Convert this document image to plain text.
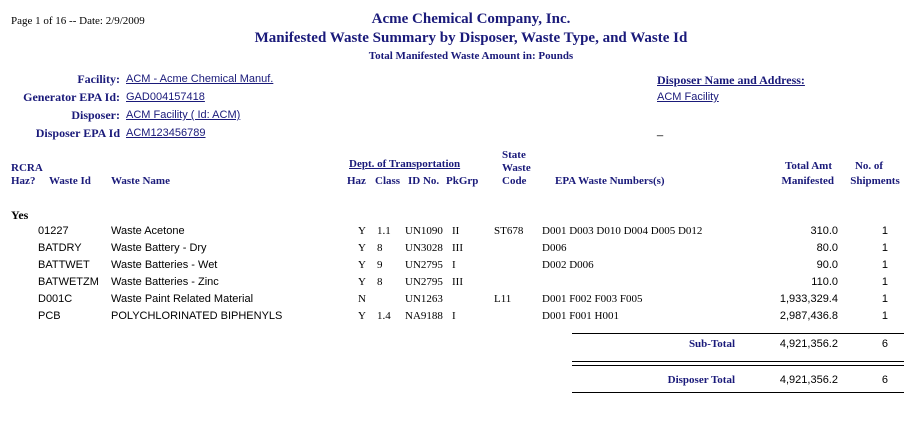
Page 1 of 16 -- Date: 2/9/2009	Acme Chemical Company, Inc.
Manifested Waste Summary by Disposer, Waste Type, and Waste Id
Total Manifested Waste Amount in: Pounds
Facility: ACM - Acme Chemical Manuf.
Generator EPA Id: GAD004157418
Disposer: ACM Facility ( Id: ACM)
Disposer EPA Id ACM123456789
Disposer Name and Address:
ACM Facility
_
RCRA
Haz? Waste Id Waste Name
Dept. of Transportation
Haz Class ID No. PkGrp
State
Waste
Code	EPA Waste Numbers(s)
Total Amt
Manifested
No. of
Shipments
Yes
01227	Waste Acetone	Y 1.1 UN1090 II	ST678 D001 D003 D010 D004 D005 D012	310.0	1
BATDRY	Waste Battery - Dry	Y 8 UN3028 III	D006	80.0	1
BATTWET Waste Batteries - Wet	Y 9 UN2795 I	D002 D006	90.0	1
BATWETZM Waste Batteries - Zinc	Y 8 UN2795 III	110.0	1
D001C	Waste Paint Related Material	N	UN1263	L11	D001 F002 F003 F005	1,933,329.4	1
PCB	POLYCHLORINATED BIPHENYLS	Y 1.4 NA9188 I	D001 F001 H001	2,987,436.8	1
Sub-Total	4,921,356.2	6
Disposer Total	4,921,356.2	6
